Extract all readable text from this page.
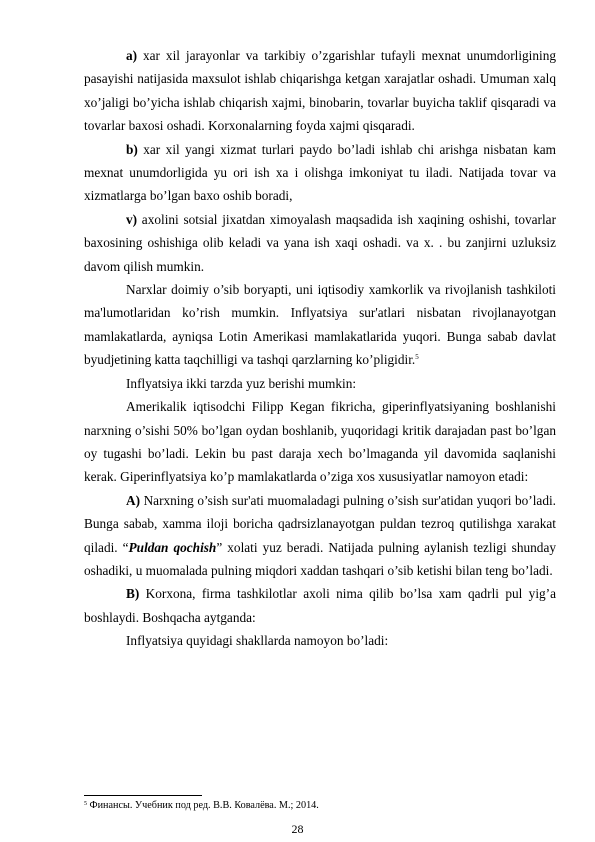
a) xar xil jarayonlar va tarkibiy o’zgarishlar tufayli mexnat unumdorligining pasayishi natijasida maxsulot ishlab chiqarishga ketgan xarajatlar oshadi. Umuman xalq xo’jaligi bo’yicha ishlab chiqarish xajmi, binobarin, tovarlar buyicha taklif qisqaradi va tovarlar baxosi oshadi. Korxonalarning foyda xajmi qisqaradi.

b) xar xil yangi xizmat turlari paydo bo’ladi ishlab chi arishga nisbatan kam mexnat unumdorligida yu ori ish xa i olishga imkoniyat tu iladi. Natijada tovar va xizmatlarga bo’lgan baxo oshib boradi,

v) axolini sotsial jixatdan ximoyalash maqsadida ish xaqining oshishi, tovarlar baxosining oshishiga olib keladi va yana ish xaqi oshadi. va x. . bu zanjirni uzluksiz davom qilish mumkin.

Narxlar doimiy o’sib boryapti, uni iqtisodiy xamkorlik va rivojlanish tashkiloti ma'lumotlaridan ko’rish mumkin. Inflyatsiya sur'atlari nisbatan rivojlanayotgan mamlakatlarda, ayniqsa Lotin Amerikasi mamlakatlarida yuqori. Bunga sabab davlat byudjetining katta taqchilligi va tashqi qarzlarning ko’pligidir.$^5$

Inflyatsiya ikki tarzda yuz berishi mumkin:

Amerikalik iqtisodchi Filipp Kegan fikricha, giperinflyatsiyaning boshlanishi narxning o’sishi 50% bo’lgan oydan boshlanib, yuqoridagi kritik darajadan past bo’lgan oy tugashi bo’ladi. Lekin bu past daraja xech bo’lmaganda yil davomida saqlanishi kerak. Giperinflyatsiya ko’p mamlakatlarda o’ziga xos xususiyatlar namoyon etadi:

A) Narxning o’sish sur'ati muomaladagi pulning o’sish sur'atidan yuqori bo’ladi. Bunga sabab, xamma iloji boricha qadrsizlanayotgan puldan tezroq qutilishga xarakat qiladi. “Puldan qochish” xolati yuz beradi. Natijada pulning aylanish tezligi shunday oshadiki, u muomalada pulning miqdori xaddan tashqari o’sib ketishi bilan teng bo’ladi.

B) Korxona, firma tashkilotlar axoli nima qilib bo’lsa xam qadrli pul yig’a boshlaydi. Boshqacha aytganda:

Inflyatsiya quyidagi shakllarda namoyon bo’ladi:

$^5$ Финансы. Учебник под ред. В.В. Ковалёва. М.; 2014.
28
